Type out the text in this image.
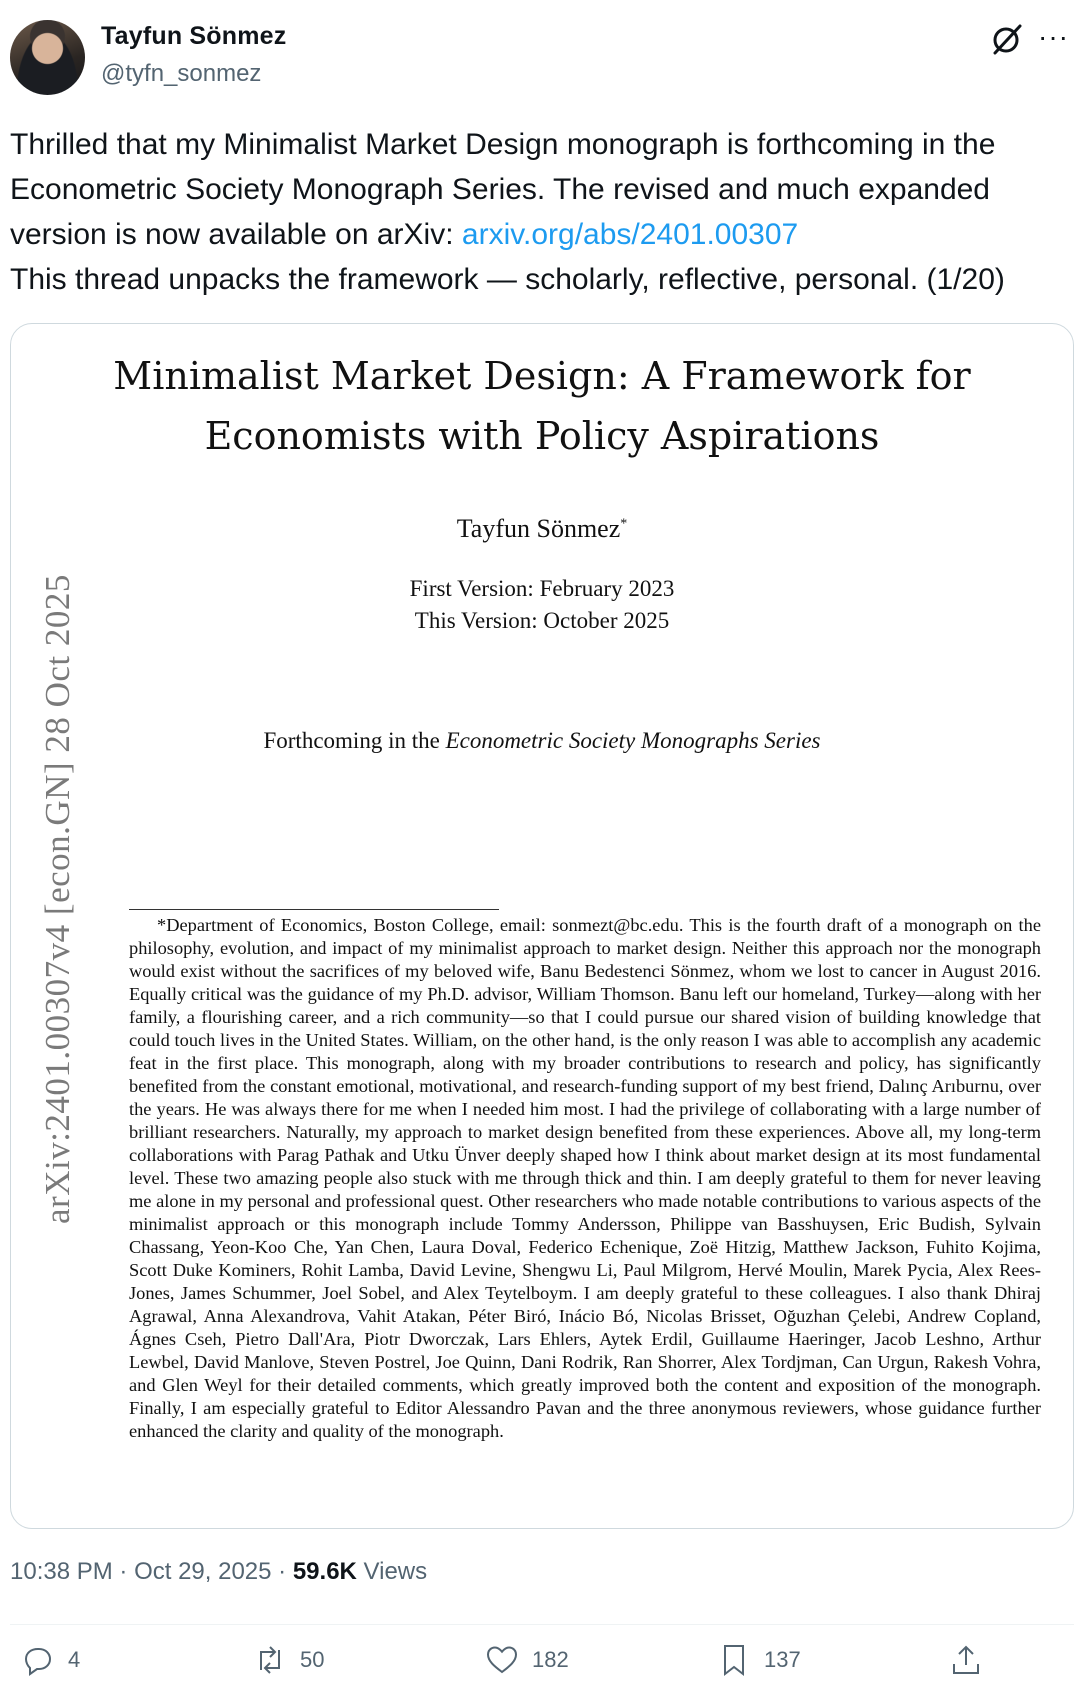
Tayfun Sönmez
@tyfn_sonmez
···
Thrilled that my Minimalist Market Design monograph is forthcoming in the Econometric Society Monograph Series. The revised and much expanded version is now available on arXiv: arxiv.org/abs/2401.00307
This thread unpacks the framework — scholarly, reflective, personal. (1/20)
arXiv:2401.00307v4 [econ.GN] 28 Oct 2025
Minimalist Market Design: A Framework for
Economists with Policy Aspirations
Tayfun Sönmez*
First Version: February 2023
This Version: October 2025
Forthcoming in the Econometric Society Monographs Series
*Department of Economics, Boston College, email: sonmezt@bc.edu. This is the fourth draft of a monograph on the philosophy, evolution, and impact of my minimalist approach to market design. Neither this approach nor the monograph would exist without the sacrifices of my beloved wife, Banu Bedestenci Sönmez, whom we lost to cancer in August 2016. Equally critical was the guidance of my Ph.D. advisor, William Thomson. Banu left our homeland, Turkey—along with her family, a flourishing career, and a rich community—so that I could pursue our shared vision of building knowledge that could touch lives in the United States. William, on the other hand, is the only reason I was able to accomplish any academic feat in the first place. This monograph, along with my broader contributions to research and policy, has significantly benefited from the constant emotional, motivational, and research-funding support of my best friend, Dalınç Arıburnu, over the years. He was always there for me when I needed him most. I had the privilege of collaborating with a large number of brilliant researchers. Naturally, my approach to market design benefited from these experiences. Above all, my long-term collaborations with Parag Pathak and Utku Ünver deeply shaped how I think about market design at its most fundamental level. These two amazing people also stuck with me through thick and thin. I am deeply grateful to them for never leaving me alone in my personal and professional quest. Other researchers who made notable contributions to various aspects of the minimalist approach or this monograph include Tommy Andersson, Philippe van Basshuysen, Eric Budish, Sylvain Chassang, Yeon-Koo Che, Yan Chen, Laura Doval, Federico Echenique, Zoë Hitzig, Matthew Jackson, Fuhito Kojima, Scott Duke Kominers, Rohit Lamba, David Levine, Shengwu Li, Paul Milgrom, Hervé Moulin, Marek Pycia, Alex Rees-Jones, James Schummer, Joel Sobel, and Alex Teytelboym. I am deeply grateful to these colleagues. I also thank Dhiraj Agrawal, Anna Alexandrova, Vahit Atakan, Péter Biró, Inácio Bó, Nicolas Brisset, Oğuzhan Çelebi, Andrew Copland, Ágnes Cseh, Pietro Dall'Ara, Piotr Dworczak, Lars Ehlers, Aytek Erdil, Guillaume Haeringer, Jacob Leshno, Arthur Lewbel, David Manlove, Steven Postrel, Joe Quinn, Dani Rodrik, Ran Shorrer, Alex Tordjman, Can Urgun, Rakesh Vohra, and Glen Weyl for their detailed comments, which greatly improved both the content and exposition of the monograph. Finally, I am especially grateful to Editor Alessandro Pavan and the three anonymous reviewers, whose guidance further enhanced the clarity and quality of the monograph.
10:38 PM · Oct 29, 2025 · 59.6K Views
4	50	182	137
